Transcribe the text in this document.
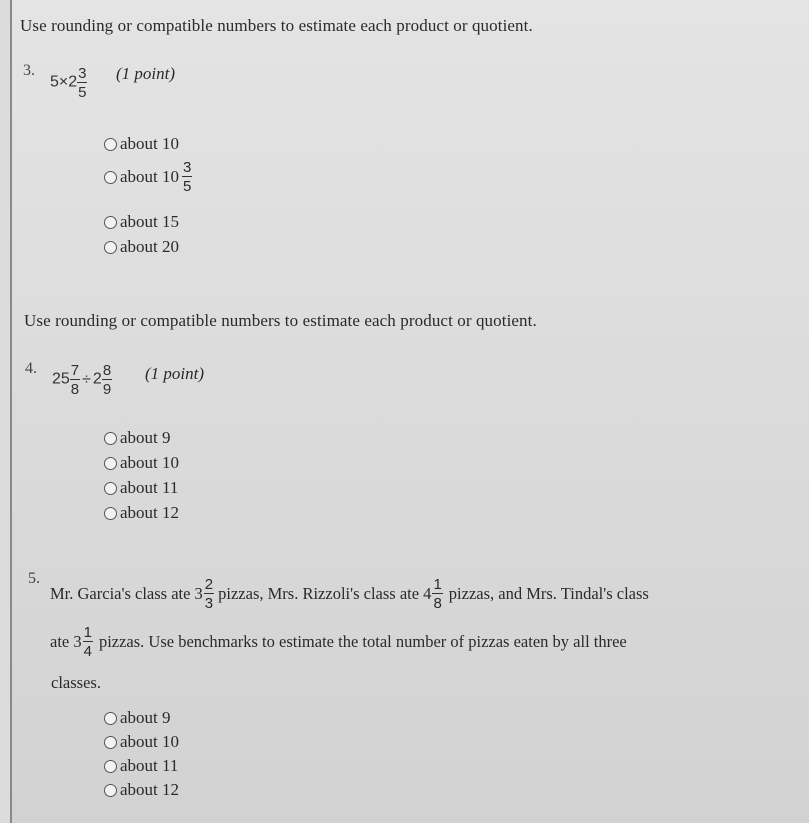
Use rounding or compatible numbers to estimate each product or quotient.
3.
$5\times 2 \frac{3}{5} (1$ point)
about 10
about $10 \frac{3}{5}$
about 15
about 20
Use rounding or compatible numbers to estimate each product or quotient.
4.
$25 \frac{7}{8} \div 2 \frac{8}{9} (1$ point)
about 9
about 10
about 11
about 12
5.
Mr. Garcia's class ate $3 \frac{2}{3}$ pizzas, Mrs. Rizzoli's class ate $4 \frac{1}{8}$ pizzas, and Mrs. Tindal's class
ate $3 \frac{1}{4}$ pizzas. Use benchmarks to estimate the total number of pizzas eaten by all three
classes.
about 9
about 10
about 11
about 12
